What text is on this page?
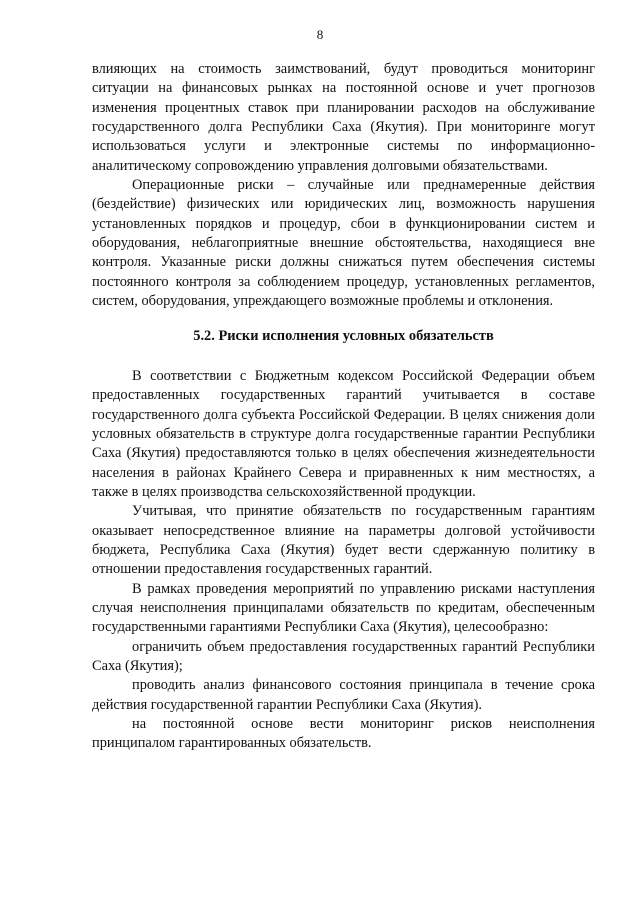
8

влияющих на стоимость заимствований, будут проводиться мониторинг ситуации на финансовых рынках на постоянной основе и учет прогнозов изменения процентных ставок при планировании расходов на обслуживание государственного долга Республики Саха (Якутия). При мониторинге могут использоваться услуги и электронные системы по информационно-аналитическому сопровождению управления долговыми обязательствами.

Операционные риски – случайные или преднамеренные действия (бездействие) физических или юридических лиц, возможность нарушения установленных порядков и процедур, сбои в функционировании систем и оборудования, неблагоприятные внешние обстоятельства, находящиеся вне контроля. Указанные риски должны снижаться путем обеспечения системы постоянного контроля за соблюдением процедур, установленных регламентов, систем, оборудования, упреждающего возможные проблемы и отклонения.

5.2. Риски исполнения условных обязательств

В соответствии с Бюджетным кодексом Российской Федерации объем предоставленных государственных гарантий учитывается в составе государственного долга субъекта Российской Федерации. В целях снижения доли условных обязательств в структуре долга государственные гарантии Республики Саха (Якутия) предоставляются только в целях обеспечения жизнедеятельности населения в районах Крайнего Севера и приравненных к ним местностях, а также в целях производства сельскохозяйственной продукции.

Учитывая, что принятие обязательств по государственным гарантиям оказывает непосредственное влияние на параметры долговой устойчивости бюджета, Республика Саха (Якутия) будет вести сдержанную политику в отношении предоставления государственных гарантий.

В рамках проведения мероприятий по управлению рисками наступления случая неисполнения принципалами обязательств по кредитам, обеспеченным государственными гарантиями Республики Саха (Якутия), целесообразно:

ограничить объем предоставления государственных гарантий Республики Саха (Якутия);

проводить анализ финансового состояния принципала в течение срока действия государственной гарантии Республики Саха (Якутия).

на постоянной основе вести мониторинг рисков неисполнения принципалом гарантированных обязательств.
